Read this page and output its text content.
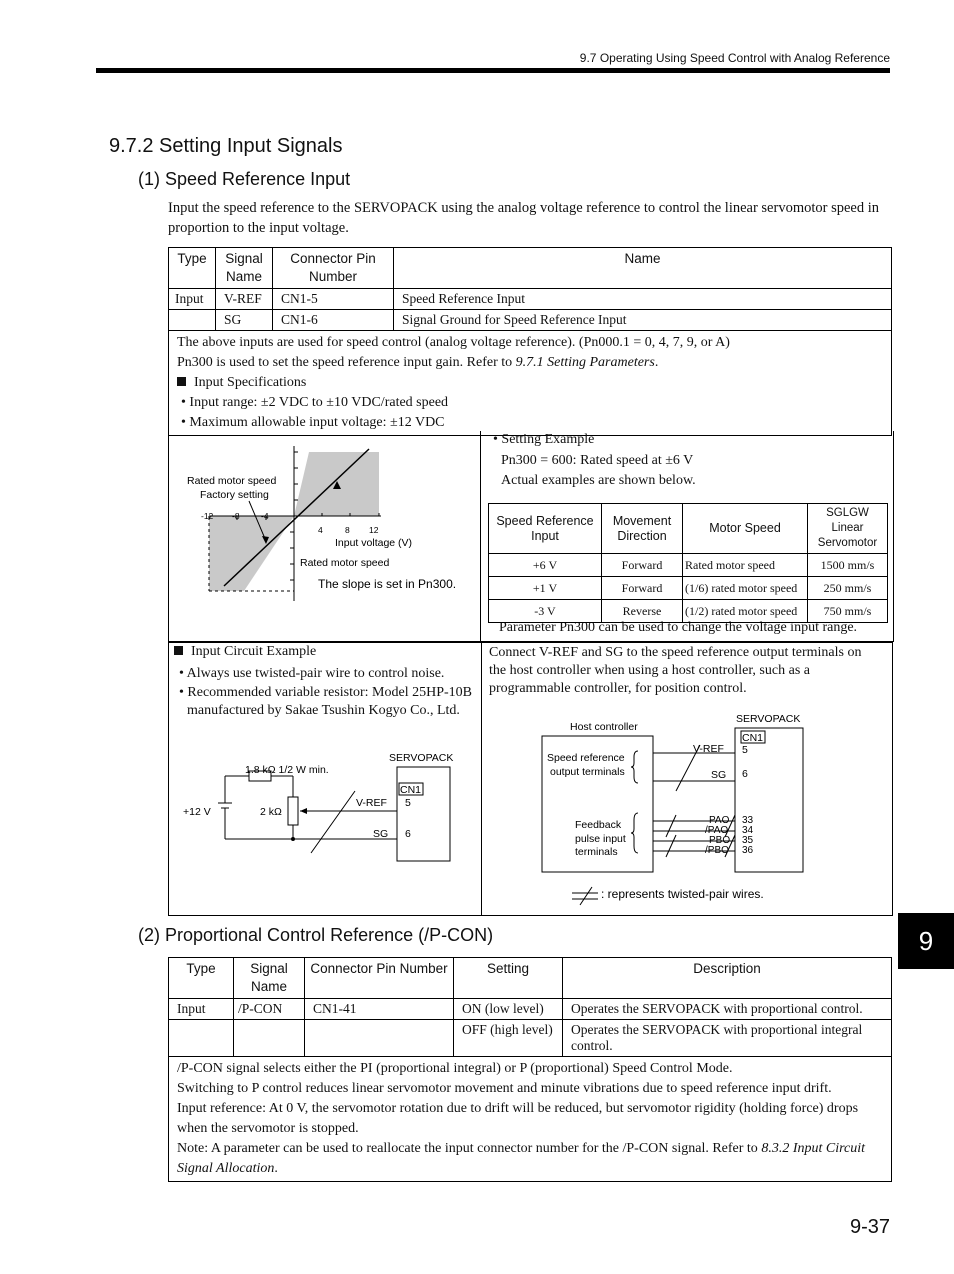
9.7 Operating Using Speed Control with Analog Reference
9.7.2 Setting Input Signals
(1) Speed Reference Input
Input the speed reference to the SERVOPACK using the analog voltage reference to control the linear servomotor speed in proportion to the input voltage.
Type	Signal Name	Connector Pin Number	Name
Input	V-REF	CN1-5	Speed Reference Input
	SG	CN1-6	Signal Ground for Speed Reference Input

The above inputs are used for speed control (analog voltage reference). (Pn000.1 = 0, 4, 7, 9, or A)

Pn300 is used to set the speed reference input gain. Refer to 9.7.1 Setting Parameters.

Input Specifications

• Input range: ±2 VDC to ±10 VDC/rated speed

• Maximum allowable input voltage: ±12 VDC			

Rated motor speed
Factory setting
-12 -8	-4
4	8 12
Input voltage (V)
Rated motor speed
The slope is set in Pn300.
• Setting Example
Pn300 = 600: Rated speed at ±6 V
Actual examples are shown below.
Parameter Pn300 can be used to change the voltage input range.
Speed Reference Input	Movement Direction	Motor Speed	SGLGW Linear Servomotor
+6 V	Forward	Rated motor speed	1500 mm/s
+1 V	Forward	(1/6) rated motor speed	250 mm/s
-3 V	Reverse	(1/2) rated motor speed	750 mm/s
Input Circuit Example
• Always use twisted-pair wire to control noise.
• Recommended variable resistor: Model 25HP-10B manufactured by Sakae Tsushin Kogyo Co., Ltd.
1.8 kΩ 1/2 W min.
2 kΩ
+12 V
SERVOPACK
CN1
V-REF
SG
5
6
Connect V-REF and SG to the speed reference output terminals on the host controller when using a host controller, such as a programmable controller, for position control.
Host controller
SERVOPACK
CN1
Speed reference
output terminals
Feedback
pulse input
terminals
V-REF
SG
5
6
PAO
/PAO
PBO
/PBO
33
34
35
36
: represents twisted-pair wires.
(2) Proportional Control Reference (/P-CON)
Type	Signal Name	Connector Pin Number	Setting	Description
Input	/P-CON	CN1-41	ON (low level)	Operates the SERVOPACK with proportional control.
			OFF (high level)	Operates the SERVOPACK with proportional integral control.

/P-CON signal selects either the PI (proportional integral) or P (proportional) Speed Control Mode.

Switching to P control reduces linear servomotor movement and minute vibrations due to speed reference input drift.

Input reference: At 0 V, the servomotor rotation due to drift will be reduced, but servomotor rigidity (holding force) drops when the servomotor is stopped.

Note: A parameter can be used to reallocate the input connector number for the /P-CON signal. Refer to 8.3.2 Input Circuit Signal Allocation.				

9
9-37
